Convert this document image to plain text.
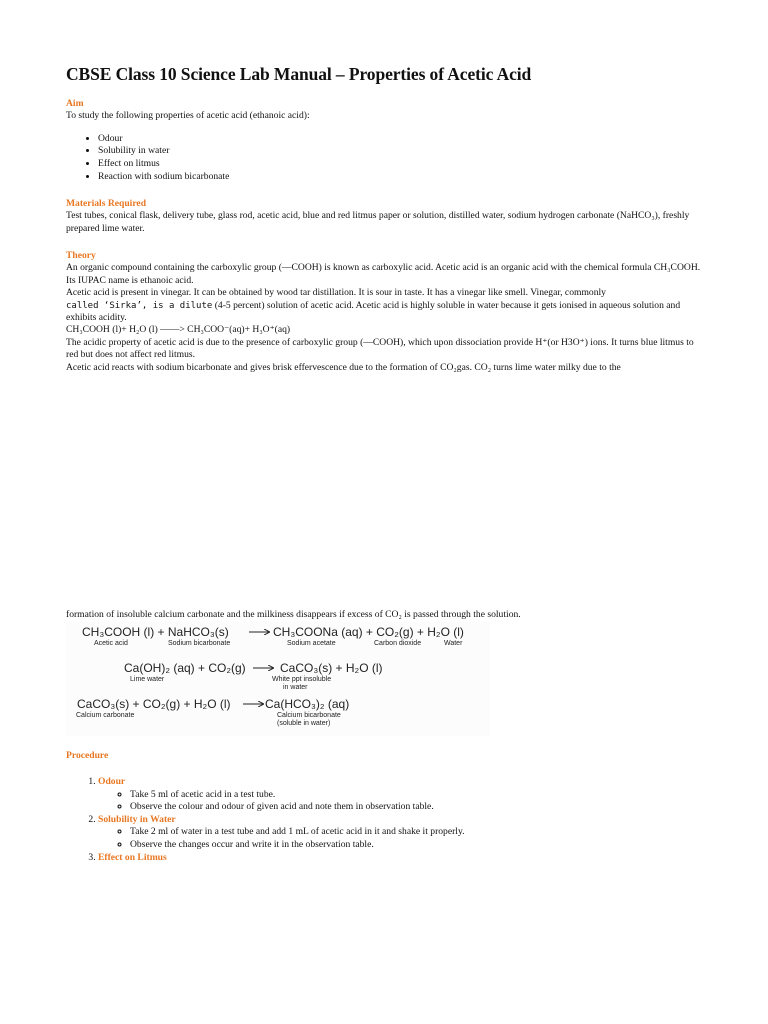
CBSE Class 10 Science Lab Manual – Properties of Acetic Acid
Aim

To study the following properties of acetic acid (ethanoic acid):

• Odour
• Solubility in water
• Effect on litmus
• Reaction with sodium bicarbonate
Materials Required

Test tubes, conical flask, delivery tube, glass rod, acetic acid, blue and red litmus paper or solution, distilled water, sodium hydrogen carbonate (NaHCO₃), freshly prepared lime water.

Theory

An organic compound containing the carboxylic group (—COOH) is known as carboxylic acid. Acetic acid is an organic acid with the chemical formula CH₃COOH. Its IUPAC name is ethanoic acid.

Acetic acid is present in vinegar. It can be obtained by wood tar distillation. It is sour in taste. It has a vinegar like smell. Vinegar, commonly

called ‘Sirka’, is a dilute (4-5 percent) solution of acetic acid. Acetic acid is highly soluble in water because it gets ionised in aqueous solution and exhibits acidity.

CH₃COOH (l)+ H₂O (l) ——> CH₃COO⁻(aq)+ H₃O⁺(aq)

The acidic property of acetic acid is due to the presence of carboxylic group (—COOH), which upon dissociation provide H⁺(or H3O⁺) ions. It turns blue litmus to red but does not affect red litmus.

Acetic acid reacts with sodium bicarbonate and gives brisk effervescence due to the formation of CO₂gas. CO₂ turns lime water milky due to the

formation of insoluble calcium carbonate and the milkiness disappears if excess of CO₂ is passed through the solution.

Procedure
1. Odour
◦ Take 5 ml of acetic acid in a test tube.
◦ Observe the colour and odour of given acid and note them in observation table.
2. Solubility in Water
◦ Take 2 ml of water in a test tube and add 1 mL of acetic acid in it and shake it properly.
◦ Observe the changes occur and write it in the observation table.
3. Effect on Litmus
CH₃COOH (l) + NaHCO₃(s)	CH₃COONa (aq) + CO₂(g) + H₂O (l)
Acetic acid	Sodium bicarbonate	Sodium acetate	Carbon dioxide	Water
Ca(OH)₂ (aq) + CO₂(g)	CaCO₃(s) + H₂O (l)
Lime water	White ppt insoluble
in water
CaCO₃(s) + CO₂(g) + H₂O (l)	Ca(HCO₃)₂ (aq)
Calcium carbonate	Calcium bicarbonate
(soluble in water)
